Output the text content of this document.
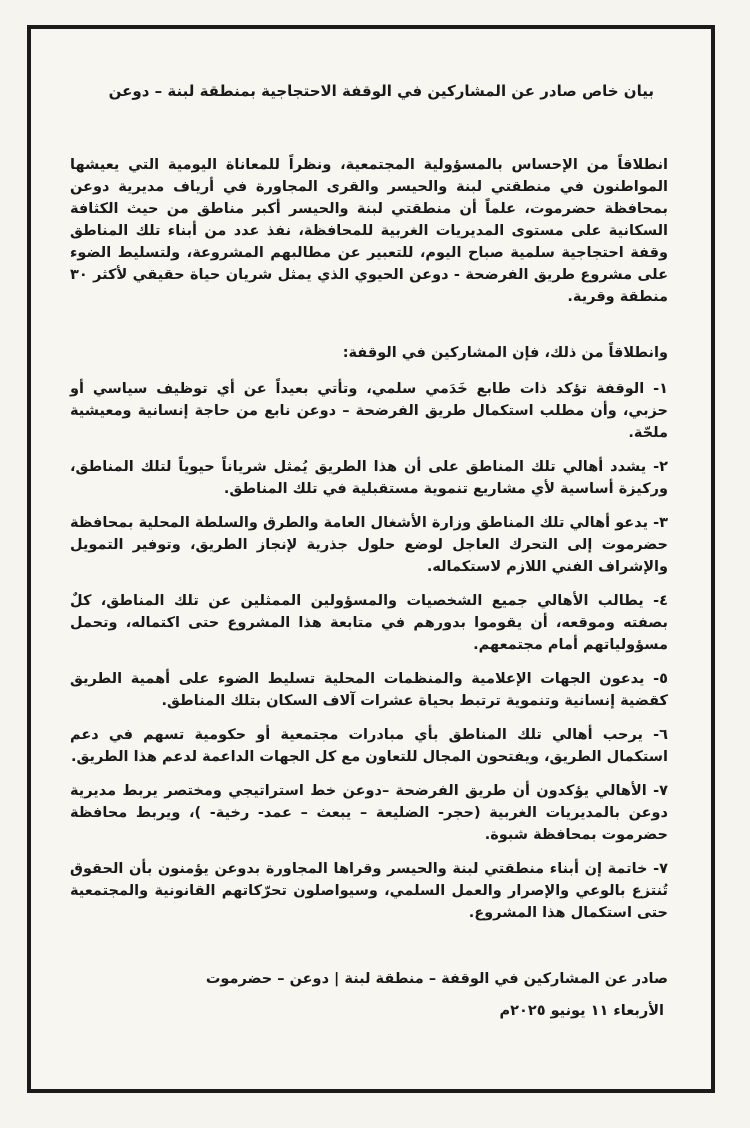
بيان خاص صادر عن المشاركين في الوقفة الاحتجاجية بمنطقة لبنة – دوعن

انطلاقاً من الإحساس بالمسؤولية المجتمعية، ونظراً للمعاناة اليومية التي يعيشها المواطنون في منطقتي لبنة والحيسر والقرى المجاورة في أرياف مديرية دوعن بمحافظة حضرموت، علماً أن منطقتي لبنة والحيسر أكبر مناطق من حيث الكثافة السكانية على مستوى المديريات الغربية للمحافظة، نفذ عدد من أبناء تلك المناطق وقفة احتجاجية سلمية صباح اليوم، للتعبير عن مطالبهم المشروعة، ولتسليط الضوء على مشروع طريق الفرضحة - دوعن الحيوي الذي يمثل شريان حياة حقيقي لأكثر ٣٠ منطقة وقرية.

وانطلاقاً من ذلك، فإن المشاركين في الوقفة:

١- الوقفة تؤكد ذات طابع خَدَمي سلمي، وتأتي بعيداً عن أي توظيف سياسي أو حزبي، وأن مطلب استكمال طريق الفرضحة – دوعن نابع من حاجة إنسانية ومعيشية ملحّة.

٢- يشدد أهالي تلك المناطق على أن هذا الطريق يُمثل شرياناً حيوياً لتلك المناطق، وركيزة أساسية لأي مشاريع تنموية مستقبلية في تلك المناطق.

٣- يدعو أهالي تلك المناطق وزارة الأشغال العامة والطرق والسلطة المحلية بمحافظة حضرموت إلى التحرك العاجل لوضع حلول جذرية لإنجاز الطريق، وتوفير التمويل والإشراف الفني اللازم لاستكماله.

٤- يطالب الأهالي جميع الشخصيات والمسؤولين الممثلين عن تلك المناطق، كلٌ بصفته وموقعه، أن يقوموا بدورهم في متابعة هذا المشروع حتى اكتماله، وتحمل مسؤولياتهم أمام مجتمعهم.

٥- يدعون الجهات الإعلامية والمنظمات المحلية تسليط الضوء على أهمية الطريق كقضية إنسانية وتنموية ترتبط بحياة عشرات آلاف السكان بتلك المناطق.

٦- يرحب أهالي تلك المناطق بأي مبادرات مجتمعية أو حكومية تسهم في دعم استكمال الطريق، ويفتحون المجال للتعاون مع كل الجهات الداعمة لدعم هذا الطريق.

٧- الأهالي يؤكدون أن طريق الفرضحة –دوعن خط استراتيجي ومختصر يربط مديرية دوعن بالمديريات الغربية (حجر- الضليعة – يبعث – عمد- رخية- )، ويربط محافظة حضرموت بمحافظة شبوة.

٧- خاتمة إن أبناء منطقتي لبنة والحيسر وقراها المجاورة بدوعن يؤمنون بأن الحقوق تُنتزع بالوعي والإصرار والعمل السلمي، وسيواصلون تحرّكاتهم القانونية والمجتمعية حتى استكمال هذا المشروع.

صادر عن المشاركين في الوقفة – منطقة لبنة | دوعن – حضرموت

الأربعاء ١١ يونيو ٢٠٢٥م
